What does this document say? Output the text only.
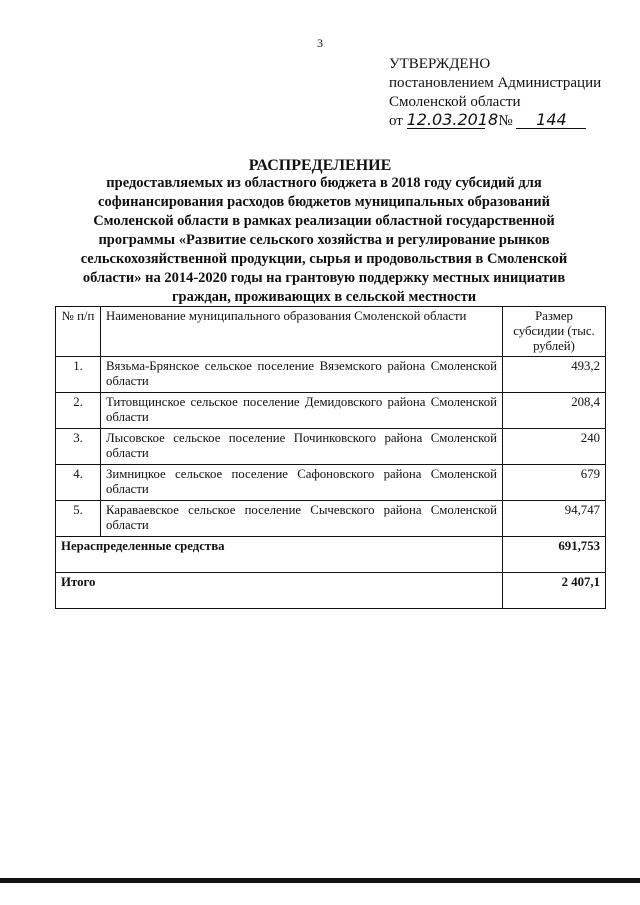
3
УТВЕРЖДЕНО
постановлением Администрации
Смоленской области
от 12.03.2018 № 144
РАСПРЕДЕЛЕНИЕ
предоставляемых из областного бюджета в 2018 году субсидий для софинансирования расходов бюджетов муниципальных образований Смоленской области в рамках реализации областной государственной программы «Развитие сельского хозяйства и регулирование рынков сельскохозяйственной продукции, сырья и продовольствия в Смоленской области» на 2014-2020 годы на грантовую поддержку местных инициатив граждан, проживающих в сельской местности
№ п/п	Наименование муниципального образования Смоленской области	Размер субсидии (тыс. рублей)
1.	Вязьма-Брянское сельское поселение Вяземского района Смоленской области	493,2
2.	Титовщинское сельское поселение Демидовского района Смоленской области	208,4
3.	Лысовское сельское поселение Починковского района Смоленской области	240
4.	Зимницкое сельское поселение Сафоновского района Смоленской области	679
5.	Каравaевское сельское поселение Сычевского района Смоленской области	94,747
Нераспределенные средства		691,753
Итого		2 407,1
